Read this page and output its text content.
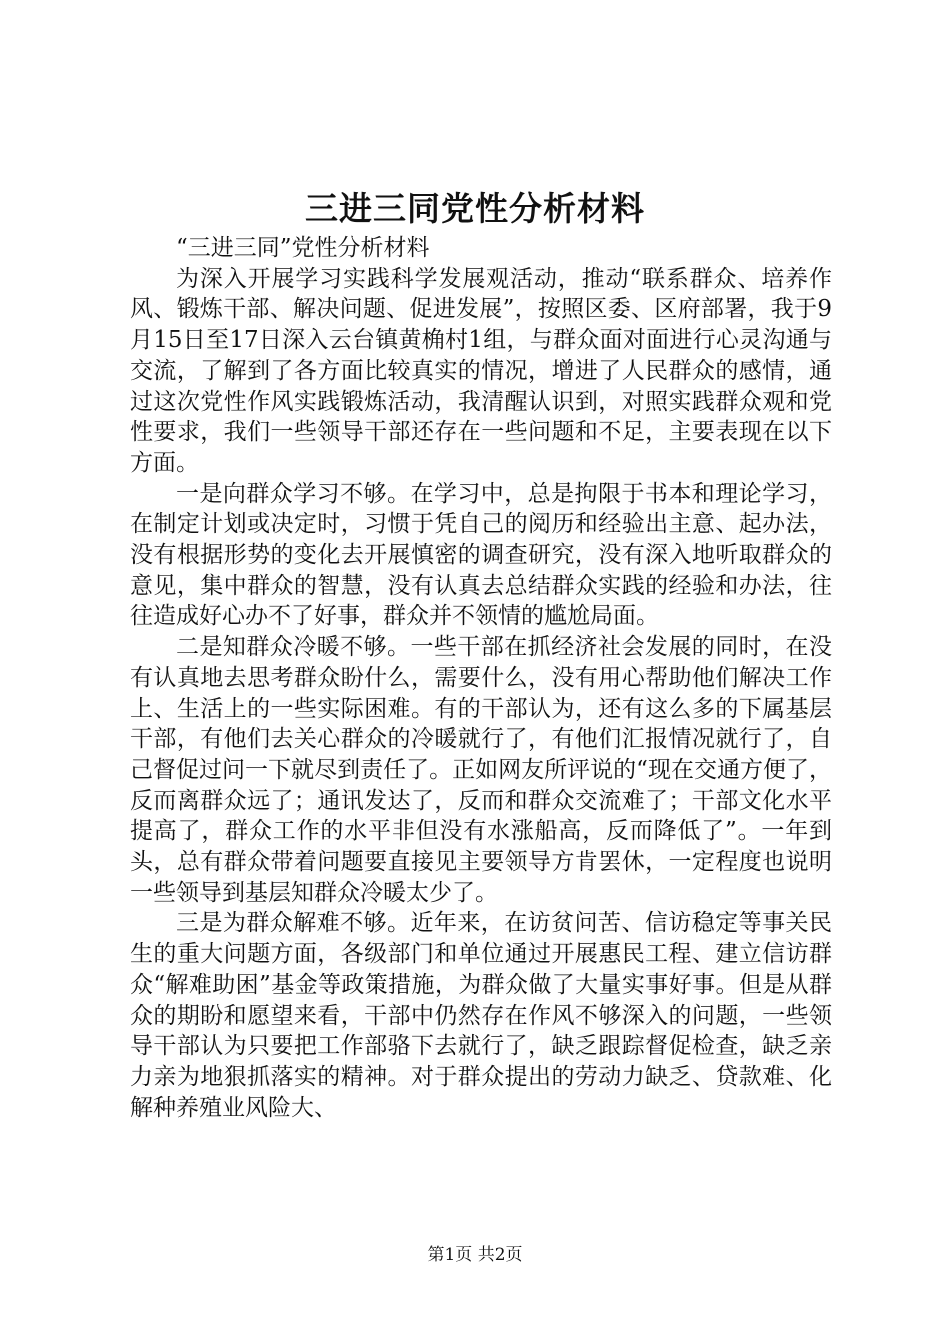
三进三同党性分析材料

“三进三同”党性分析材料

为深入开展学习实践科学发展观活动，推动“联系群众、培养作风、锻炼干部、解决问题、促进发展”，按照区委、区府部署，我于9月15日至17日深入云台镇黄桷村1组，与群众面对面进行心灵沟通与交流，了解到了各方面比较真实的情况，增进了人民群众的感情，通过这次党性作风实践锻炼活动，我清醒认识到，对照实践群众观和党性要求，我们一些领导干部还存在一些问题和不足，主要表现在以下方面。

一是向群众学习不够。在学习中，总是拘限于书本和理论学习，在制定计划或决定时，习惯于凭自己的阅历和经验出主意、起办法，没有根据形势的变化去开展慎密的调查研究，没有深入地听取群众的意见，集中群众的智慧，没有认真去总结群众实践的经验和办法，往往造成好心办不了好事，群众并不领情的尴尬局面。

二是知群众冷暖不够。一些干部在抓经济社会发展的同时，在没有认真地去思考群众盼什么，需要什么，没有用心帮助他们解决工作上、生活上的一些实际困难。有的干部认为，还有这么多的下属基层干部，有他们去关心群众的冷暖就行了，有他们汇报情况就行了，自己督促过问一下就尽到责任了。正如网友所评说的“现在交通方便了，反而离群众远了；通讯发达了，反而和群众交流难了；干部文化水平提高了，群众工作的水平非但没有水涨船高，反而降低了”。一年到头，总有群众带着问题要直接见主要领导方肯罢休，一定程度也说明一些领导到基层知群众冷暖太少了。

三是为群众解难不够。近年来，在访贫问苦、信访稳定等事关民生的重大问题方面，各级部门和单位通过开展惠民工程、建立信访群众“解难助困”基金等政策措施，为群众做了大量实事好事。但是从群众的期盼和愿望来看，干部中仍然存在作风不够深入的问题，一些领导干部认为只要把工作部骆下去就行了，缺乏跟踪督促检查，缺乏亲力亲为地狠抓落实的精神。对于群众提出的劳动力缺乏、贷款难、化解种养殖业风险大、

第1页 共2页
